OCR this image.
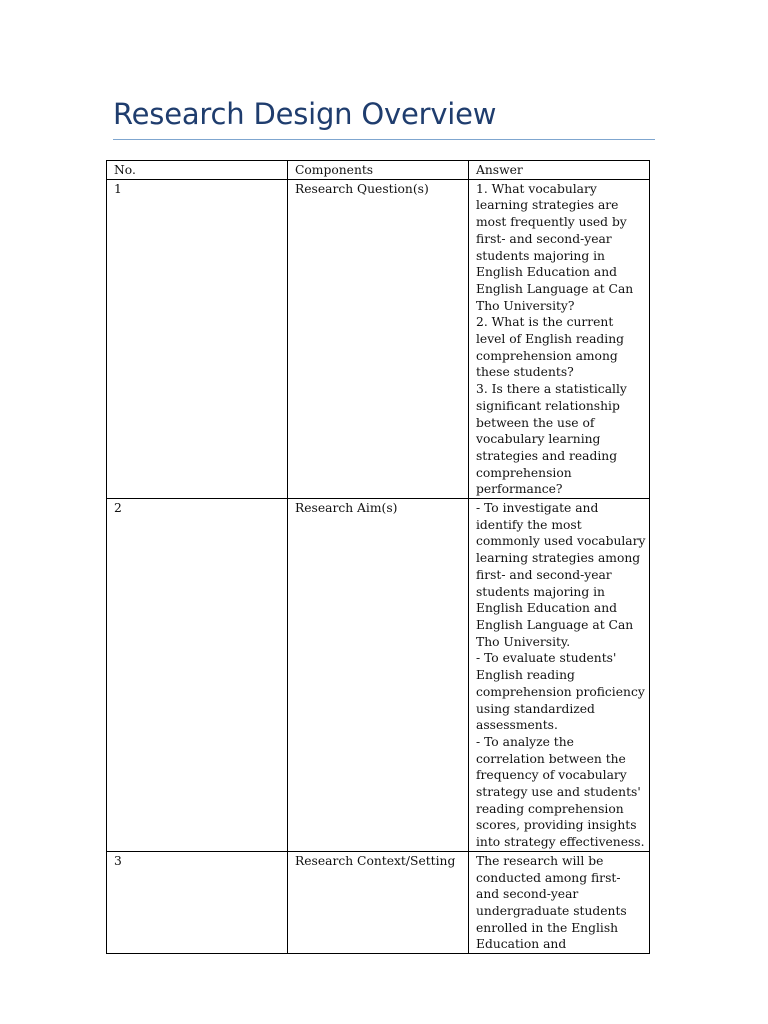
Research Design Overview
No.	Components	Answer
1	Research Question(s)	1. What vocabulary learning strategies are most frequently used by first- and second-year students majoring in English Education and English Language at Can Tho University?
2. What is the current level of English reading comprehension among these students?
3. Is there a statistically significant relationship between the use of vocabulary learning strategies and reading comprehension performance?

2	Research Aim(s)	- To investigate and identify the most commonly used vocabulary learning strategies among first- and second-year students majoring in English Education and English Language at Can Tho University.
- To evaluate students' English reading comprehension proficiency using standardized assessments.
- To analyze the correlation between the frequency of vocabulary strategy use and students' reading comprehension scores, providing insights into strategy effectiveness.

3	Research Context/Setting	The research will be conducted among first- and second-year undergraduate students enrolled in the English Education and
